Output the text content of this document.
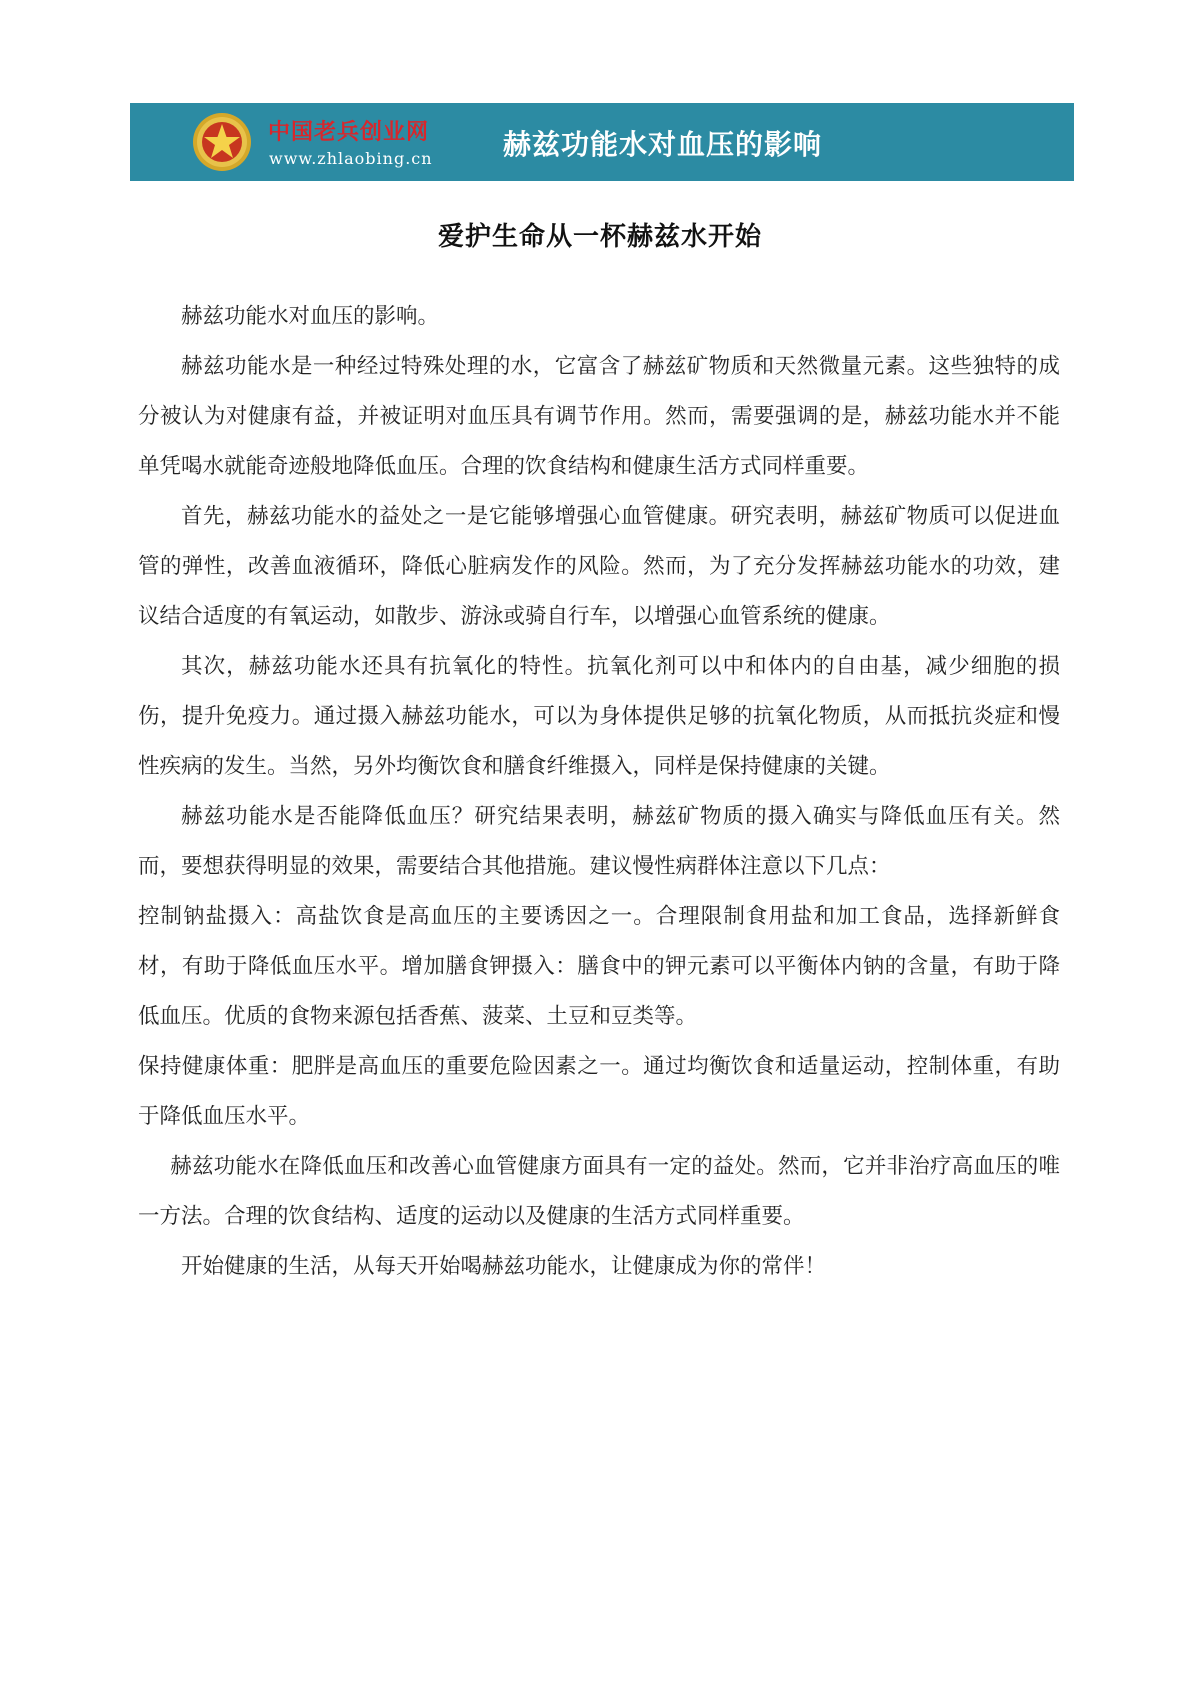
中国老兵创业网
www.zhlaobing.cn	赫兹功能水对血压的影响
爱护生命从一杯赫兹水开始

赫兹功能水对血压的影响。

赫兹功能水是一种经过特殊处理的水，它富含了赫兹矿物质和天然微量元素。这些独特的成分被认为对健康有益，并被证明对血压具有调节作用。然而，需要强调的是，赫兹功能水并不能单凭喝水就能奇迹般地降低血压。合理的饮食结构和健康生活方式同样重要。

首先，赫兹功能水的益处之一是它能够增强心血管健康。研究表明，赫兹矿物质可以促进血管的弹性，改善血液循环，降低心脏病发作的风险。然而，为了充分发挥赫兹功能水的功效，建议结合适度的有氧运动，如散步、游泳或骑自行车，以增强心血管系统的健康。

其次，赫兹功能水还具有抗氧化的特性。抗氧化剂可以中和体内的自由基，减少细胞的损伤，提升免疫力。通过摄入赫兹功能水，可以为身体提供足够的抗氧化物质，从而抵抗炎症和慢性疾病的发生。当然，另外均衡饮食和膳食纤维摄入，同样是保持健康的关键。

赫兹功能水是否能降低血压？研究结果表明，赫兹矿物质的摄入确实与降低血压有关。然而，要想获得明显的效果，需要结合其他措施。建议慢性病群体注意以下几点：

控制钠盐摄入：高盐饮食是高血压的主要诱因之一。合理限制食用盐和加工食品，选择新鲜食材，有助于降低血压水平。增加膳食钾摄入：膳食中的钾元素可以平衡体内钠的含量，有助于降低血压。优质的食物来源包括香蕉、菠菜、土豆和豆类等。

保持健康体重：肥胖是高血压的重要危险因素之一。通过均衡饮食和适量运动，控制体重，有助于降低血压水平。

赫兹功能水在降低血压和改善心血管健康方面具有一定的益处。然而，它并非治疗高血压的唯一方法。合理的饮食结构、适度的运动以及健康的生活方式同样重要。

开始健康的生活，从每天开始喝赫兹功能水，让健康成为你的常伴！
